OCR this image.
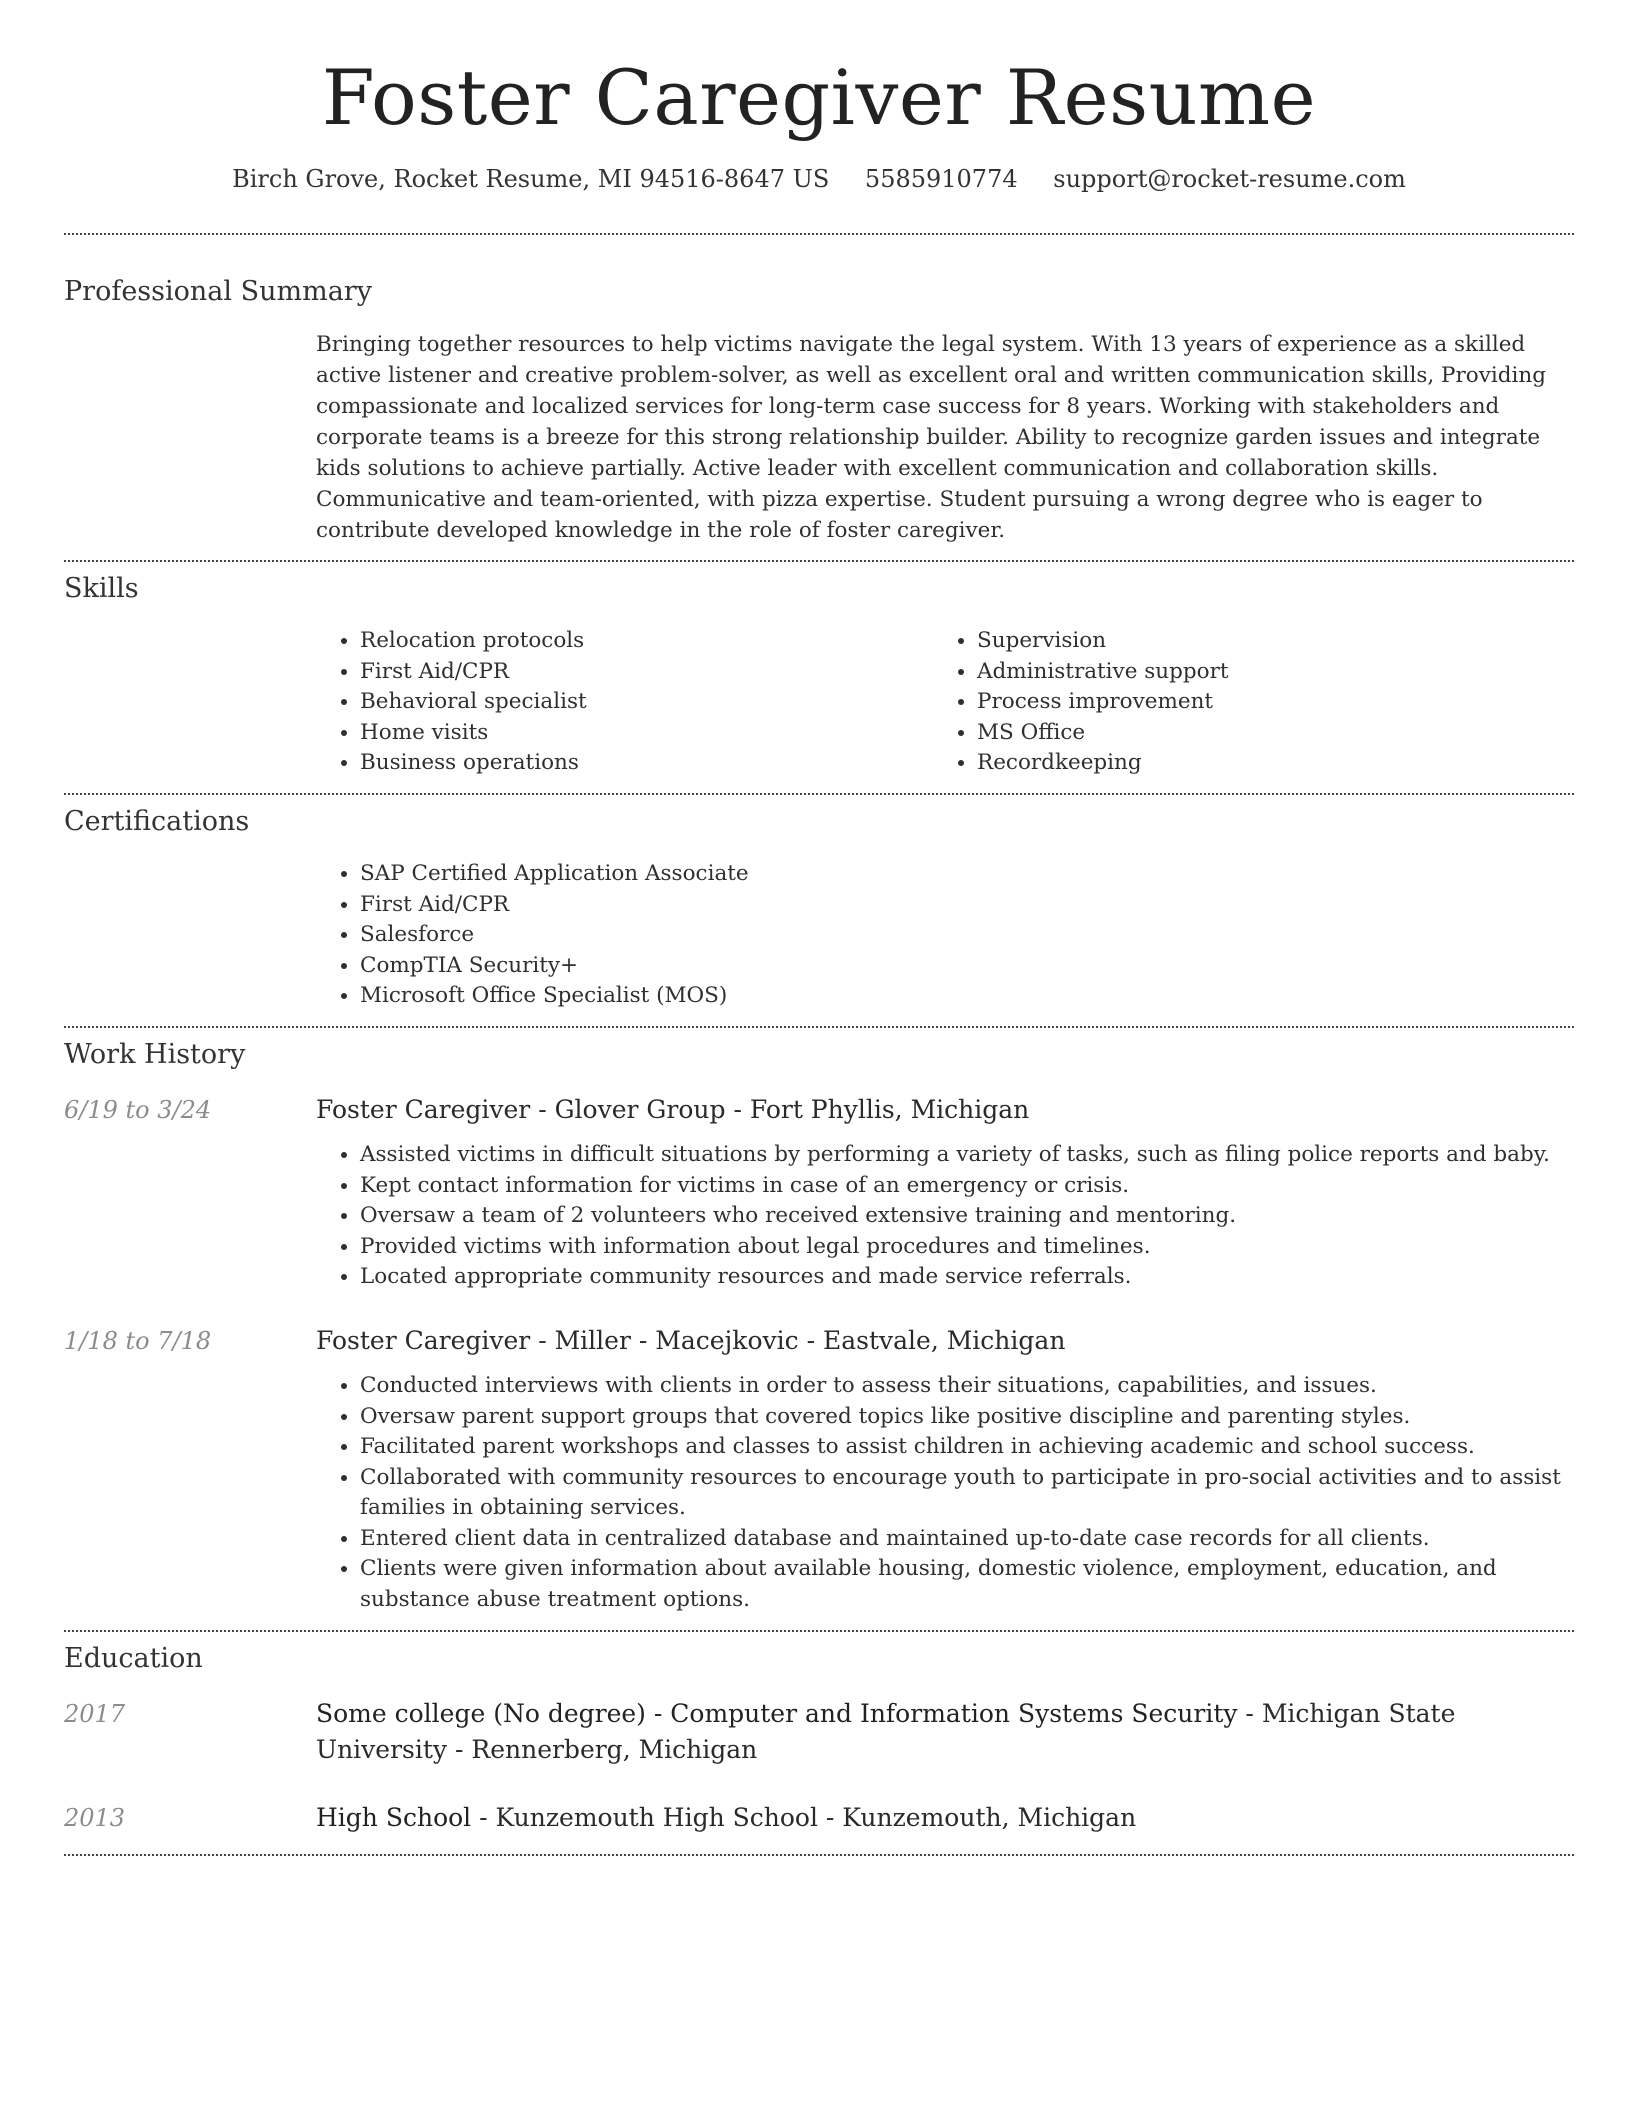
Foster Caregiver Resume
Birch Grove, Rocket Resume, MI 94516-8647 US 5585910774 support@rocket-resume.com
Professional Summary
Bringing together resources to help victims navigate the legal system. With 13 years of experience as a skilled active listener and creative problem-solver, as well as excellent oral and written communication skills, Providing compassionate and localized services for long-term case success for 8 years. Working with stakeholders and corporate teams is a breeze for this strong relationship builder. Ability to recognize garden issues and integrate kids solutions to achieve partially. Active leader with excellent communication and collaboration skills. Communicative and team-oriented, with pizza expertise. Student pursuing a wrong degree who is eager to contribute developed knowledge in the role of foster caregiver.
Skills
• Relocation protocols
• First Aid/CPR
• Behavioral specialist
• Home visits
• Business operations
• Supervision
• Administrative support
• Process improvement
• MS Office
• Recordkeeping
Certifications
• SAP Certified Application Associate
• First Aid/CPR
• Salesforce
• CompTIA Security+
• Microsoft Office Specialist (MOS)
Work History
6/19 to 3/24	Foster Caregiver - Glover Group - Fort Phyllis, Michigan
• Assisted victims in difficult situations by performing a variety of tasks, such as filing police reports and baby.
• Kept contact information for victims in case of an emergency or crisis.
• Oversaw a team of 2 volunteers who received extensive training and mentoring.
• Provided victims with information about legal procedures and timelines.
• Located appropriate community resources and made service referrals.
1/18 to 7/18	Foster Caregiver - Miller - Macejkovic - Eastvale, Michigan
• Conducted interviews with clients in order to assess their situations, capabilities, and issues.
• Oversaw parent support groups that covered topics like positive discipline and parenting styles.
• Facilitated parent workshops and classes to assist children in achieving academic and school success.
• Collaborated with community resources to encourage youth to participate in pro-social activities and to assist families in obtaining services.
• Entered client data in centralized database and maintained up-to-date case records for all clients.
• Clients were given information about available housing, domestic violence, employment, education, and substance abuse treatment options.
Education
2017	Some college (No degree) - Computer and Information Systems Security - Michigan State University - Rennerberg, Michigan
2013	High School - Kunzemouth High School - Kunzemouth, Michigan
